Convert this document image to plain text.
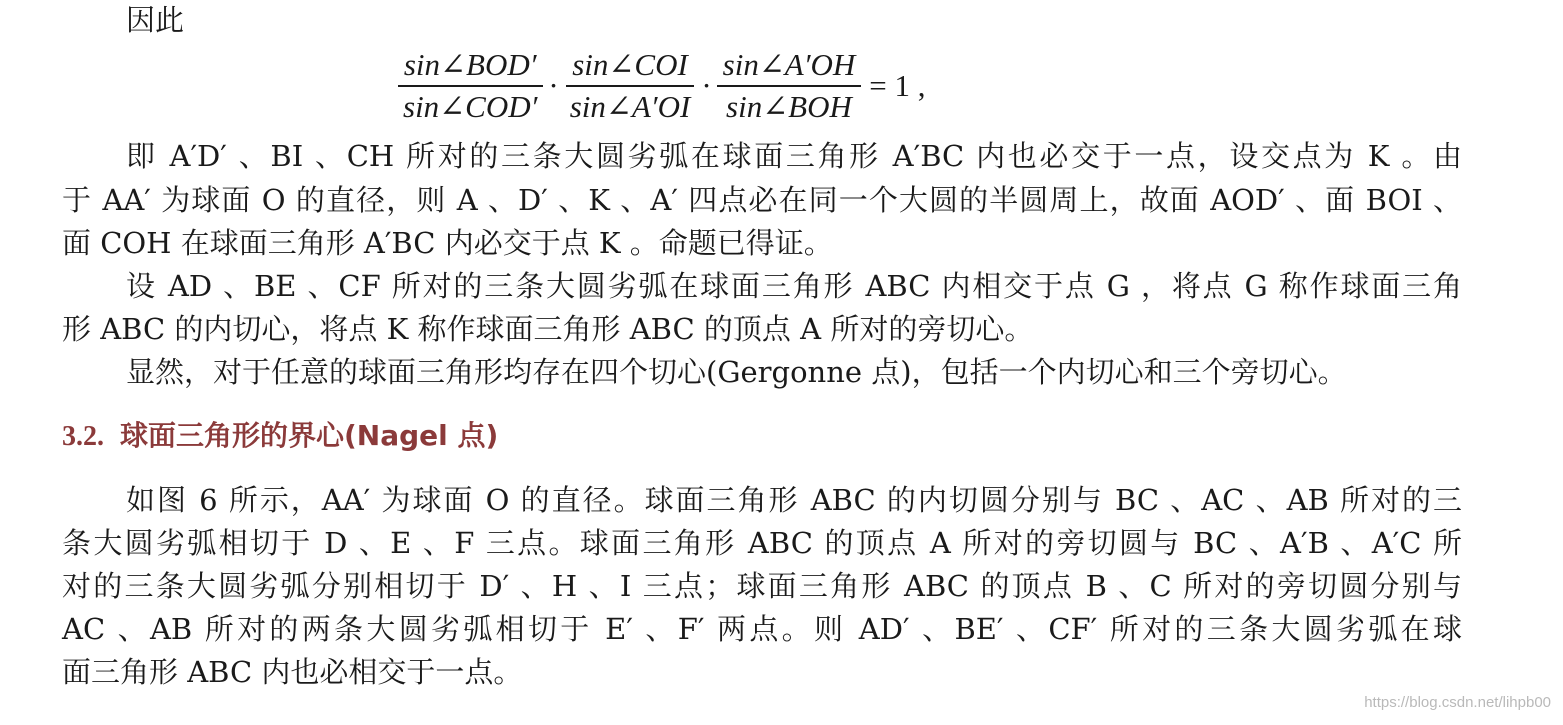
因此
$\frac{\text{sin∠BOD′}}{\text{sin∠COD′}} \cdot \frac{\text{sin∠COI}}{\sin\angle A'OI} \cdot \frac{\sin\angle A'OH}{\text{sin∠BOH}} = 1$ ,
即 A′D′ 、BI 、CH 所对的三条大圆劣弧在球面三角形 A′BC 内也必交于一点，设交点为 K 。由
于 AA′ 为球面 O 的直径，则 A 、D′ 、K 、A′ 四点必在同一个大圆的半圆周上，故面 AOD′ 、面 BOI 、
面 COH 在球面三角形 A′BC 内必交于点 K 。命题已得证。
设 AD 、BE 、CF 所对的三条大圆劣弧在球面三角形 ABC 内相交于点 G ，将点 G 称作球面三角
形 ABC 的内切心，将点 K 称作球面三角形 ABC 的顶点 A 所对的旁切心。
显然，对于任意的球面三角形均存在四个切心(Gergonne 点)，包括一个内切心和三个旁切心。
3.2. 球面三角形的界心(Nagel 点)
如图 6 所示，AA′ 为球面 O 的直径。球面三角形 ABC 的内切圆分别与 BC 、AC 、AB 所对的三
条大圆劣弧相切于 D 、E 、F 三点。球面三角形 ABC 的顶点 A 所对的旁切圆与 BC 、A′B 、A′C 所
对的三条大圆劣弧分别相切于 D′ 、H 、I 三点；球面三角形 ABC 的顶点 B 、C 所对的旁切圆分别与
AC 、AB 所对的两条大圆劣弧相切于 E′ 、F′ 两点。则 AD′ 、BE′ 、CF′ 所对的三条大圆劣弧在球
面三角形 ABC 内也必相交于一点。
https://blog.csdn.net/lihpb00
